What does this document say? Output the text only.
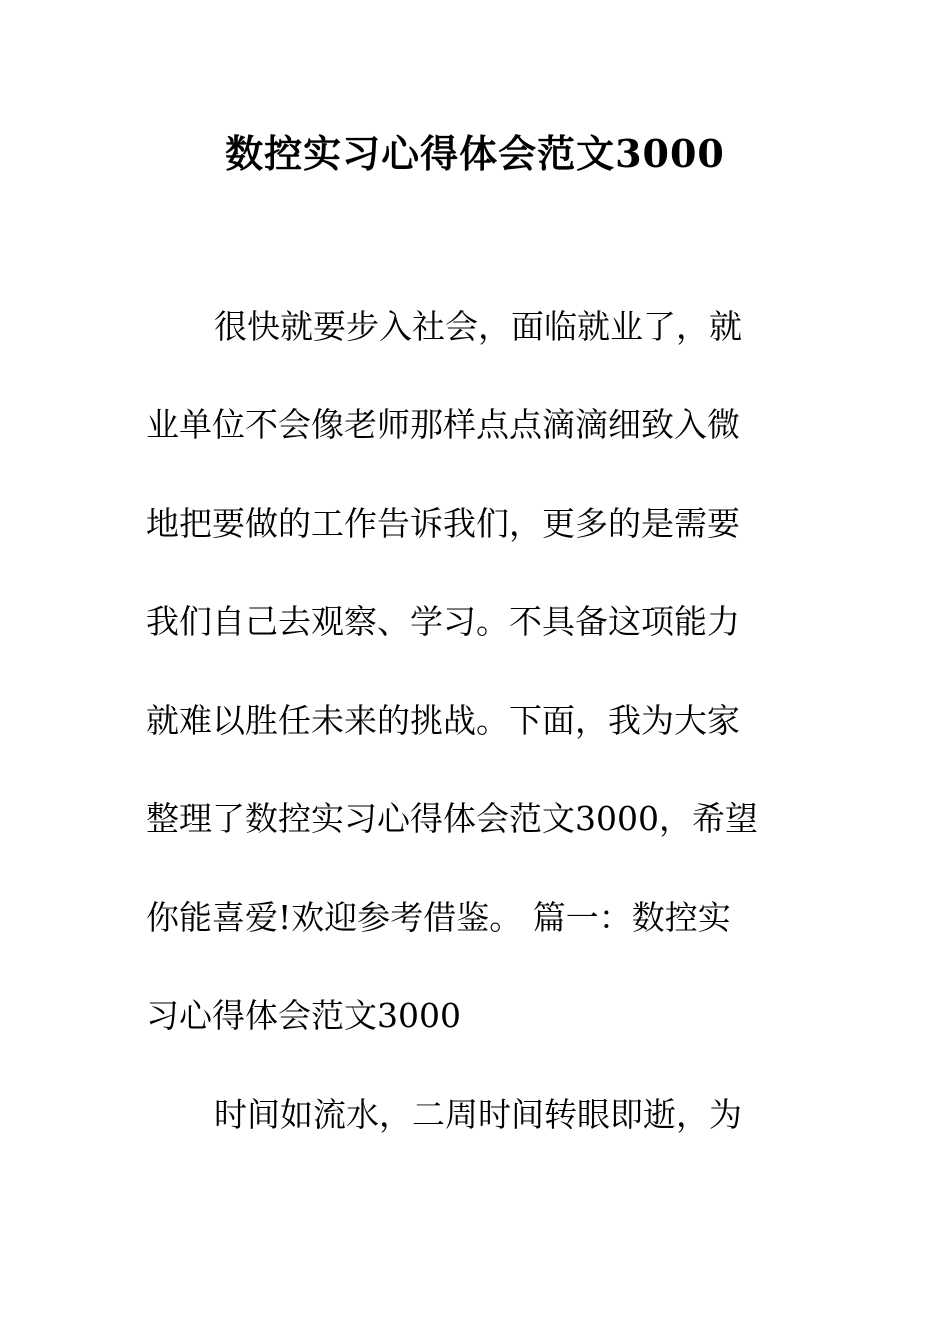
数控实习心得体会范文3000
很快就要步入社会，面临就业了，就
业单位不会像老师那样点点滴滴细致入微
地把要做的工作告诉我们，更多的是需要
我们自己去观察、学习。不具备这项能力
就难以胜任未来的挑战。下面，我为大家
整理了数控实习心得体会范文3000，希望
你能喜爱!欢迎参考借鉴。 篇一：数控实
习心得体会范文3000
时间如流水，二周时间转眼即逝，为
